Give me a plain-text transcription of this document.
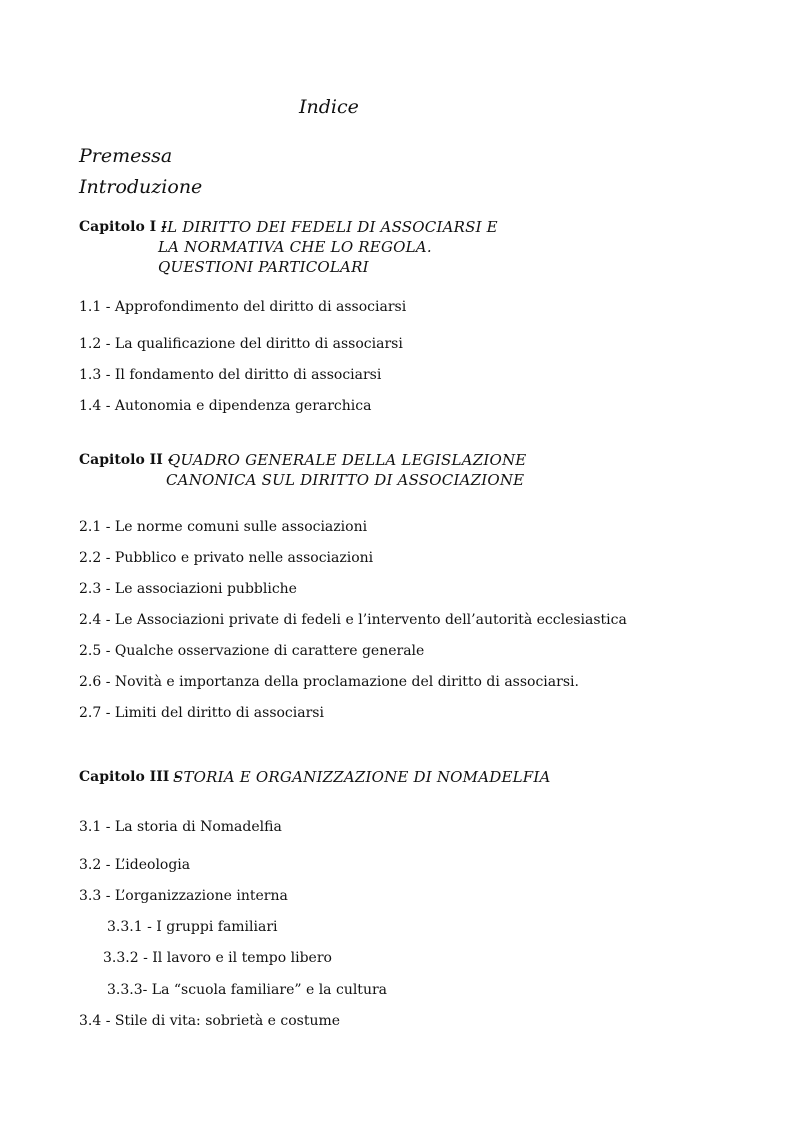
Indice
Premessa
Introduzione
Capitolo I -
IL DIRITTO DEI FEDELI DI ASSOCIARSI E
LA NORMATIVA CHE LO REGOLA.
QUESTIONI PARTICOLARI
1.1 - Approfondimento del diritto di associarsi
1.2 - La qualificazione del diritto di associarsi
1.3 - Il fondamento del diritto di associarsi
1.4 - Autonomia e dipendenza gerarchica
Capitolo II -
QUADRO GENERALE DELLA LEGISLAZIONE
CANONICA SUL DIRITTO DI ASSOCIAZIONE
2.1 - Le norme comuni sulle associazioni
2.2 - Pubblico e privato nelle associazioni
2.3 - Le associazioni pubbliche
2.4 - Le Associazioni private di fedeli e l’intervento dell’autorità ecclesiastica
2.5 - Qualche osservazione di carattere generale
2.6 - Novità e importanza della proclamazione del diritto di associarsi.
2.7 - Limiti del diritto di associarsi
Capitolo III -
STORIA E ORGANIZZAZIONE DI NOMADELFIA
3.1 - La storia di Nomadelfia
3.2 - L’ideologia
3.3 - L’organizzazione interna
3.3.1 - I gruppi familiari
3.3.2 - Il lavoro e il tempo libero
3.3.3- La “scuola familiare” e la cultura
3.4 - Stile di vita: sobrietà e costume
